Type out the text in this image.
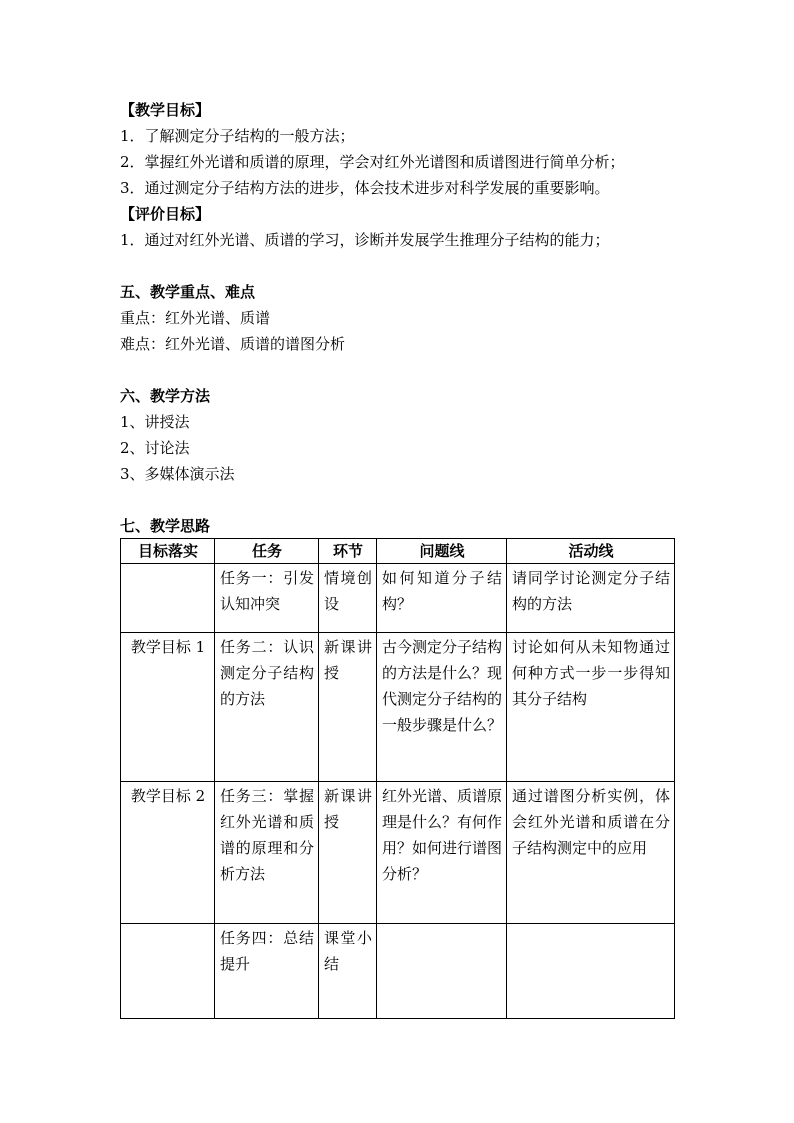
【教学目标】
1．了解测定分子结构的一般方法；
2．掌握红外光谱和质谱的原理，学会对红外光谱图和质谱图进行简单分析；
3．通过测定分子结构方法的进步，体会技术进步对科学发展的重要影响。
【评价目标】
1．通过对红外光谱、质谱的学习，诊断并发展学生推理分子结构的能力；
五、教学重点、难点
重点：红外光谱、质谱
难点：红外光谱、质谱的谱图分析
六、教学方法
1、讲授法
2、讨论法
3、多媒体演示法
七、教学思路
目标落实	任务	环节	问题线	活动线
	任务一：引发认知冲突	情境创设	如何知道分子结构？	请同学讨论测定分子结构的方法
教学目标 1	任务二：认识测定分子结构的方法	新课讲授	古今测定分子结构的方法是什么？现代测定分子结构的一般步骤是什么？	讨论如何从未知物通过何种方式一步一步得知其分子结构
教学目标 2	任务三：掌握红外光谱和质谱的原理和分析方法	新课讲授	红外光谱、质谱原理是什么？有何作用？如何进行谱图分析？	通过谱图分析实例，体会红外光谱和质谱在分子结构测定中的应用
	任务四：总结提升	课堂小结		
